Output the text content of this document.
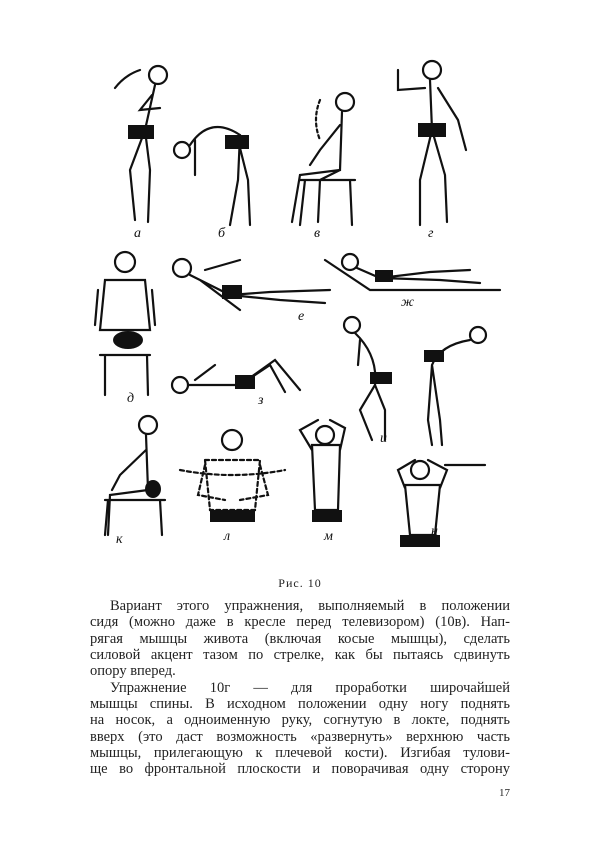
а	б	в	г
д
е
ж
з
и
к	л	м	н
Рис. 10
Вариант этого упражнения, выполняемый в положении
сидя (можно даже в кресле перед телевизором) (10в). Нап-
рягая мышцы живота (включая косые мышцы), сделать
силовой акцент тазом по стрелке, как бы пытаясь сдвинуть
опору вперед.
Упражнение 10г — для проработки широчайшей
мышцы спины. В исходном положении одну ногу поднять
на носок, а одноименную руку, согнутую в локте, поднять
вверх (это даст возможность «развернуть» верхнюю часть
мышцы, прилегающую к плечевой кости). Изгибая тулови-
ще во фронтальной плоскости и поворачивая одну сторону
17
